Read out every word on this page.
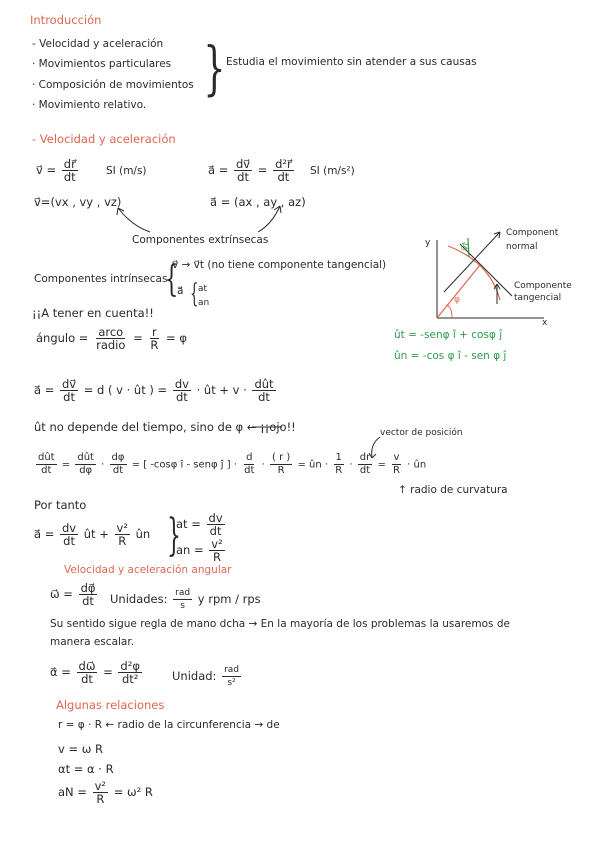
Introducción
- Velocidad y aceleración
· Movimientos particulares
· Composición de movimientos
· Movimiento relativo.
} Estudia el movimiento sin atender a sus causas
- Velocidad y aceleración
v⃗ = $\frac{dr⃗}{dt}$	SI (m/s)	a⃗ = $\frac{dv⃗}{dt} = \frac{\text{d²r⃗}}{dt}$ SI (m/s²)
v⃗=(vx , vy , vz)	a⃗ = (ax , ay , az)
Componentes extrínsecas
Componentes intrínsecas
{
v⃗ → v⃗t (no tiene componente tangencial)
a⃗ { at
an
¡¡A tener en cuenta!!
ángulo = $\frac{\text{arco}}{\text{radio}} = \frac{r}{R} = \varphi$
y
x
φ
v⃗t
Component normal
Componente tangencial
ût = -senφ î + cosφ ĵ
ûn = -cos φ î - sen φ ĵ
a⃗ = $\frac{dv⃗}{dt} = d$ ( v · ût ) = $\frac{dv}{dt}$ · ût + $v \cdot \frac{\text{dût}}{dt}$
ût no depende del tiempo, sino de φ ← ¡¡ojo!!	vector de posición
$\frac{\text{dût}}{dt} = \frac{\text{dût}}{d\varphi} \cdot \frac{d\varphi}{dt}$ = [ -cosφ î - senφ ĵ ] · $\frac{d}{dt} \cdot \frac{( r )}{R}$ = ûn · $\frac{1}{R} \cdot \frac{dr}{dt} = \frac{v}{R}$ · ûn
↑ radio de curvatura
Por tanto
a⃗ = $\frac{dv}{dt}$ ût + $\frac{\text{v²}}{R}$ ûn }
at = $\frac{dv}{dt}$
an = $\frac{\text{v²}}{R}$
Velocidad y aceleración angular
ω⃗ = $\frac{d\varphi⃗}{dt}$ Unidades: $\frac{\text{rad}}{s}$ y rpm / rps
Su sentido sigue regla de mano dcha → En la mayoría de los problemas la usaremos de
manera escalar.
α⃗ = $\frac{d\omega⃗}{dt} = \frac{\text{d²φ}}{\text{dt²}}$	Unidad: $\frac{\text{rad}}{\text{s²}}$
Algunas relaciones
r = φ · R ← radio de la circunferencia → de
v = ω R
αt = α · R
aN = $\frac{\text{v²}}{R} = \omega^2$ R
